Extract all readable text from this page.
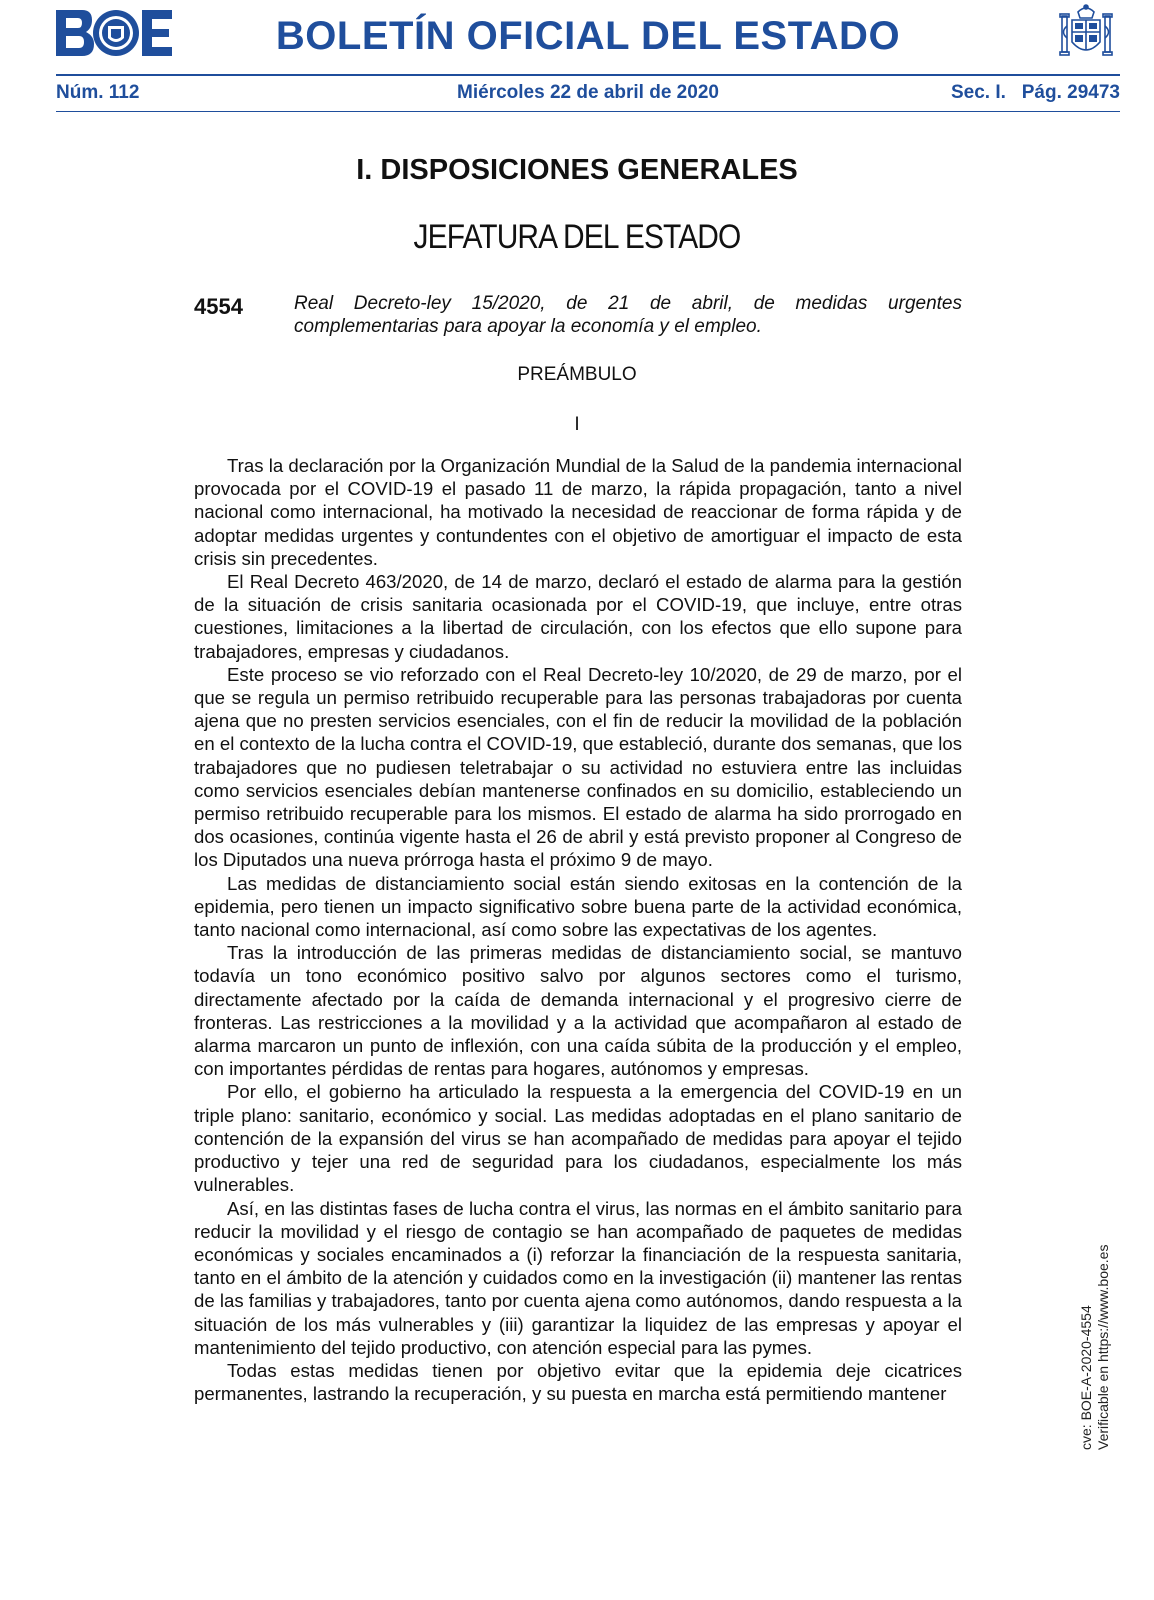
BOLETÍN OFICIAL DEL ESTADO
Núm. 112	Miércoles 22 de abril de 2020	Sec. I.   Pág. 29473
I. DISPOSICIONES GENERALES
JEFATURA DEL ESTADO
4554	Real Decreto-ley 15/2020, de 21 de abril, de medidas urgentes complementarias para apoyar la economía y el empleo.
PREÁMBULO
I

Tras la declaración por la Organización Mundial de la Salud de la pandemia internacional provocada por el COVID-19 el pasado 11 de marzo, la rápida propagación, tanto a nivel nacional como internacional, ha motivado la necesidad de reaccionar de forma rápida y de adoptar medidas urgentes y contundentes con el objetivo de amortiguar el impacto de esta crisis sin precedentes.

El Real Decreto 463/2020, de 14 de marzo, declaró el estado de alarma para la gestión de la situación de crisis sanitaria ocasionada por el COVID-19, que incluye, entre otras cuestiones, limitaciones a la libertad de circulación, con los efectos que ello supone para trabajadores, empresas y ciudadanos.

Este proceso se vio reforzado con el Real Decreto-ley 10/2020, de 29 de marzo, por el que se regula un permiso retribuido recuperable para las personas trabajadoras por cuenta ajena que no presten servicios esenciales, con el fin de reducir la movilidad de la población en el contexto de la lucha contra el COVID-19, que estableció, durante dos semanas, que los trabajadores que no pudiesen teletrabajar o su actividad no estuviera entre las incluidas como servicios esenciales debían mantenerse confinados en su domicilio, estableciendo un permiso retribuido recuperable para los mismos. El estado de alarma ha sido prorrogado en dos ocasiones, continúa vigente hasta el 26 de abril y está previsto proponer al Congreso de los Diputados una nueva prórroga hasta el próximo 9 de mayo.

Las medidas de distanciamiento social están siendo exitosas en la contención de la epidemia, pero tienen un impacto significativo sobre buena parte de la actividad económica, tanto nacional como internacional, así como sobre las expectativas de los agentes.

Tras la introducción de las primeras medidas de distanciamiento social, se mantuvo todavía un tono económico positivo salvo por algunos sectores como el turismo, directamente afectado por la caída de demanda internacional y el progresivo cierre de fronteras. Las restricciones a la movilidad y a la actividad que acompañaron al estado de alarma marcaron un punto de inflexión, con una caída súbita de la producción y el empleo, con importantes pérdidas de rentas para hogares, autónomos y empresas.

Por ello, el gobierno ha articulado la respuesta a la emergencia del COVID-19 en un triple plano: sanitario, económico y social. Las medidas adoptadas en el plano sanitario de contención de la expansión del virus se han acompañado de medidas para apoyar el tejido productivo y tejer una red de seguridad para los ciudadanos, especialmente los más vulnerables.

Así, en las distintas fases de lucha contra el virus, las normas en el ámbito sanitario para reducir la movilidad y el riesgo de contagio se han acompañado de paquetes de medidas económicas y sociales encaminados a (i) reforzar la financiación de la respuesta sanitaria, tanto en el ámbito de la atención y cuidados como en la investigación (ii) mantener las rentas de las familias y trabajadores, tanto por cuenta ajena como autónomos, dando respuesta a la situación de los más vulnerables y (iii) garantizar la liquidez de las empresas y apoyar el mantenimiento del tejido productivo, con atención especial para las pymes.

Todas estas medidas tienen por objetivo evitar que la epidemia deje cicatrices permanentes, lastrando la recuperación, y su puesta en marcha está permitiendo mantener	cve: BOE-A-2020-4554 Verificable en https://www.boe.es
